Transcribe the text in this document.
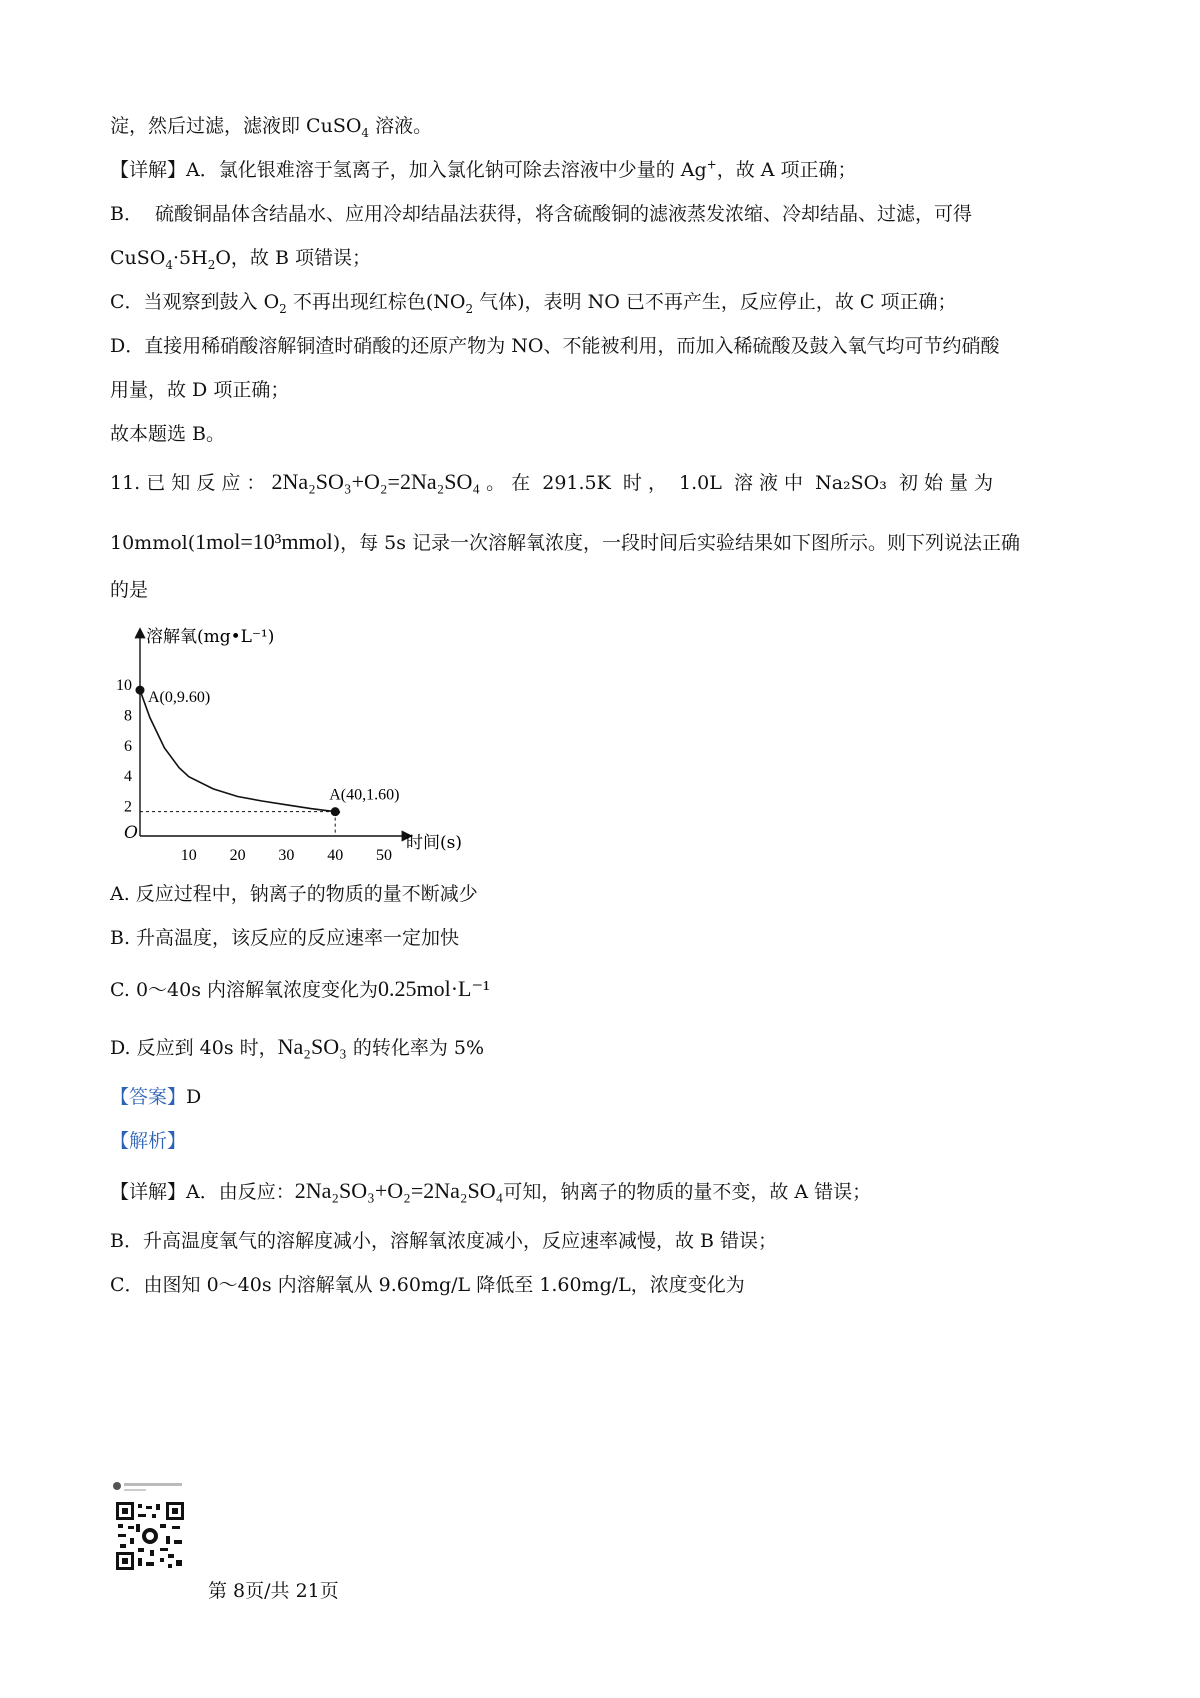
淀，然后过滤，滤液即 CuSO$_4$ 溶液。
【详解】A．氯化银难溶于氢离子，加入氯化钠可除去溶液中少量的 Ag+，故 A 项正确；
B．  硫酸铜晶体含结晶水、应用冷却结晶法获得，将含硫酸铜的滤液蒸发浓缩、冷却结晶、过滤，可得
$CuSO_4\cdot 5H_2O$，故 B 项错误；
C．当观察到鼓入 $O_2$ 不再出现红棕色($NO_2$ 气体)，表明 NO 已不再产生，反应停止，故 C 项正确；
D．直接用稀硝酸溶解铜渣时硝酸的还原产物为 NO、不能被利用，而加入稀硫酸及鼓入氧气均可节约硝酸
用量，故 D 项正确；
故本题选 B。
11. 已 知 反 应 ： 2Na₂SO₃+O₂=2Na₂SO₄ 。 在  291.5K  时 ，  1.0L  溶 液 中  Na₂SO₃  初 始 量 为
10mmol(1mol=10³mmol)，每 5s 记录一次溶解氧浓度，一段时间后实验结果如下图所示。则下列说法正确
的是
10 20 30 40 50
2
4
6
8
10
A(0,9.60)
A(40,1.60)
溶解氧(mg•L⁻¹)
时间(s)
O
A. 反应过程中，钠离子的物质的量不断减少
B. 升高温度，该反应的反应速率一定加快
C. 0～40s 内溶解氧浓度变化为0.25mol·L⁻¹
D. 反应到 40s 时，Na₂SO₃ 的转化率为 5%
【答案】D
【解析】
【详解】A．由反应：2Na₂SO₃+O₂=2Na₂SO₄可知，钠离子的物质的量不变，故 A 错误；
B．升高温度氧气的溶解度减小，溶解氧浓度减小，反应速率减慢，故 B 错误；
C．由图知 0～40s 内溶解氧从 9.60mg/L 降低至 1.60mg/L，浓度变化为
第 8页/共 21页
